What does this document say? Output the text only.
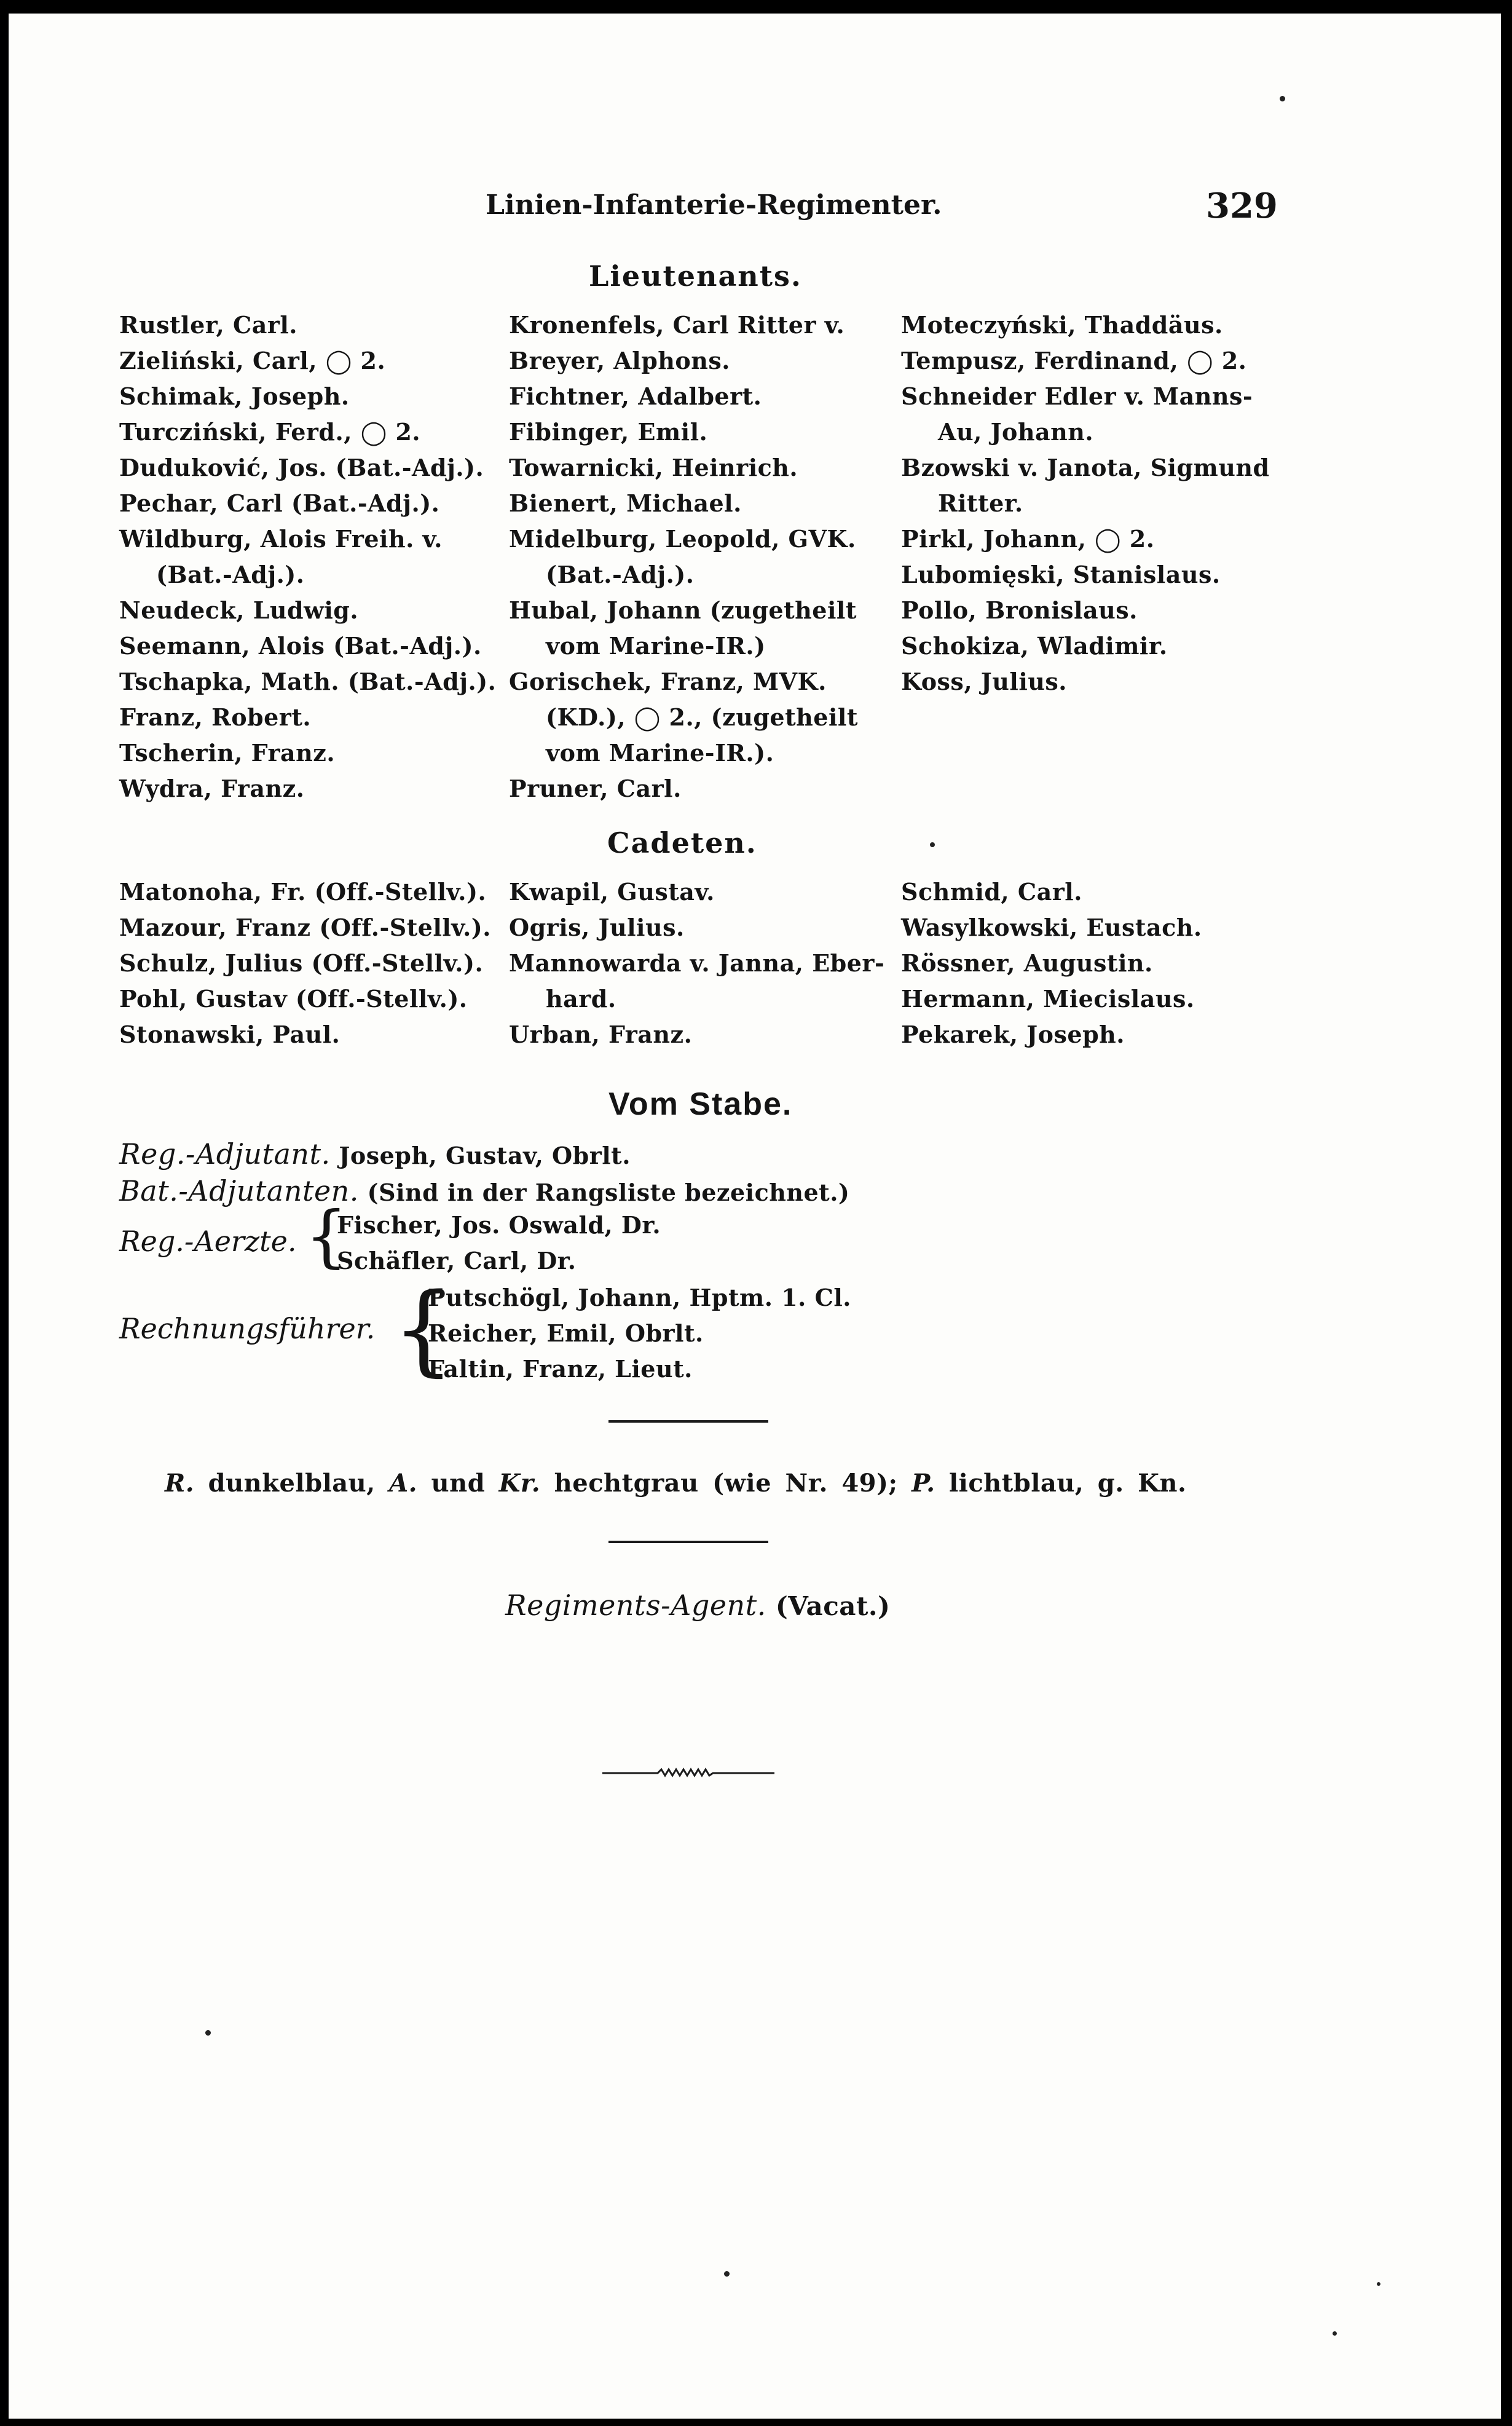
Linien-Infanterie-Regimenter.	329
Lieutenants.
Rustler, Carl.
Zieliński, Carl, ◯ 2.
Schimak, Joseph.
Turcziński, Ferd., ◯ 2.
Duduković, Jos. (Bat.-Adj.).
Pechar, Carl (Bat.-Adj.).
Wildburg, Alois Freih. v.
(Bat.-Adj.).
Neudeck, Ludwig.
Seemann, Alois (Bat.-Adj.).
Tschapka, Math. (Bat.-Adj.).
Franz, Robert.
Tscherin, Franz.
Wydra, Franz.
Kronenfels, Carl Ritter v.
Breyer, Alphons.
Fichtner, Adalbert.
Fibinger, Emil.
Towarnicki, Heinrich.
Bienert, Michael.
Midelburg, Leopold, GVK.
(Bat.-Adj.).
Hubal, Johann (zugetheilt
vom Marine-IR.)
Gorischek, Franz, MVK.
(KD.), ◯ 2., (zugetheilt
vom Marine-IR.).
Pruner, Carl.
Moteczyński, Thaddäus.
Tempusz, Ferdinand, ◯ 2.
Schneider Edler v. Manns-
Au, Johann.
Bzowski v. Janota, Sigmund
Ritter.
Pirkl, Johann, ◯ 2.
Lubomięski, Stanislaus.
Pollo, Bronislaus.
Schokiza, Wladimir.
Koss, Julius.
Cadeten.
Matonoha, Fr. (Off.-Stellv.).
Mazour, Franz (Off.-Stellv.).
Schulz, Julius (Off.-Stellv.).
Pohl, Gustav (Off.-Stellv.).
Stonawski, Paul.
Kwapil, Gustav.
Ogris, Julius.
Mannowarda v. Janna, Eber-
hard.
Urban, Franz.
Schmid, Carl.
Wasylkowski, Eustach.
Rössner, Augustin.
Hermann, Miecislaus.
Pekarek, Joseph.
Vom Stabe.
Reg.-Adjutant. Joseph, Gustav, Obrlt.
Bat.-Adjutanten. (Sind in der Rangsliste bezeichnet.)
Reg.-Aerzte. {
Fischer, Jos. Oswald, Dr.
Schäfler, Carl, Dr.
Rechnungsführer. {
Putschögl, Johann, Hptm. 1. Cl.
Reicher, Emil, Obrlt.
Faltin, Franz, Lieut.
R. dunkelblau, A. und Kr. hechtgrau (wie Nr. 49); P. lichtblau, g. Kn.
Regiments-Agent. (Vacat.)
